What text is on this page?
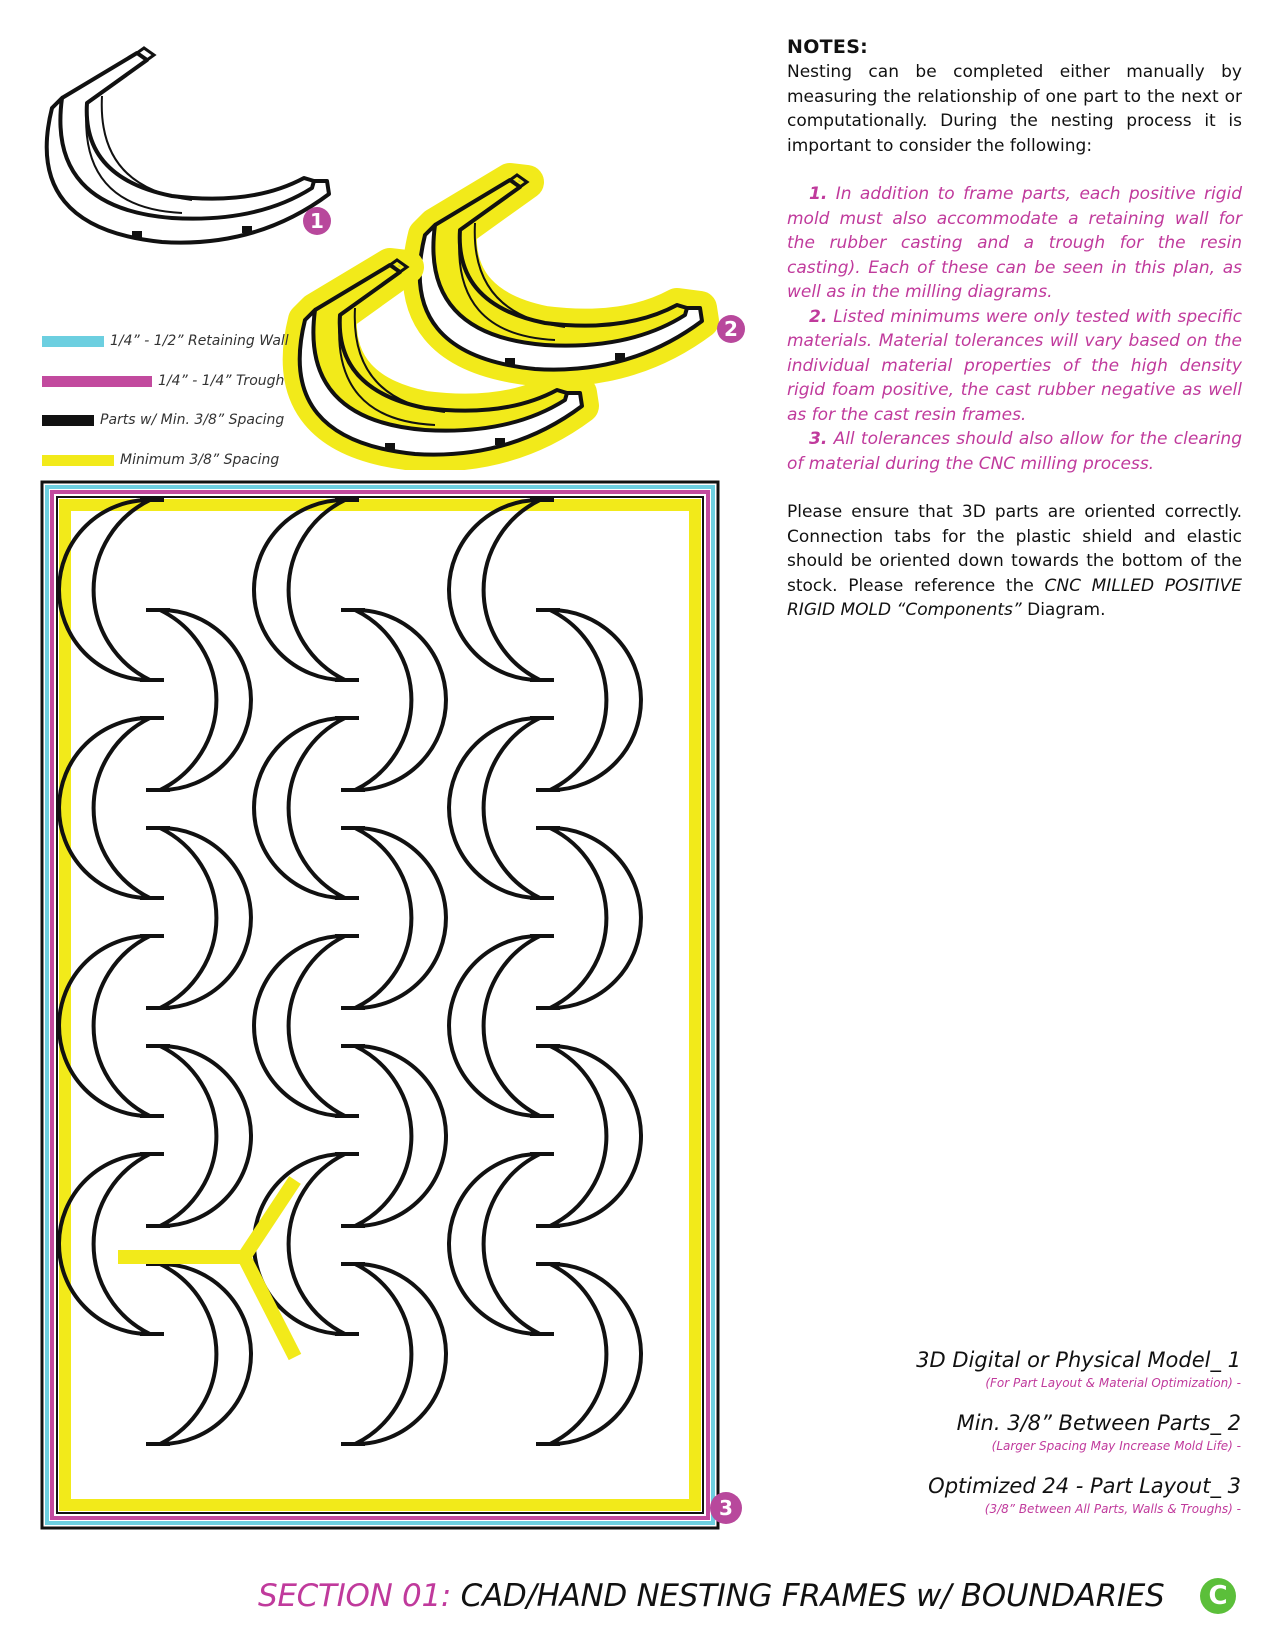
1
2
1/4” - 1/2” Retaining Wall
1/4” - 1/4” Trough
Parts w/ Min. 3/8” Spacing
Minimum 3/8” Spacing
NOTES:

Nesting can be completed either manually by measuring the relationship of one part to the next or computationally. During the nesting process it is important to consider the following:

1. In addition to frame parts, each positive rigid mold must also accommodate a retaining wall for the rubber casting and a trough for the resin casting). Each of these can be seen in this plan, as well as in the milling diagrams.

2. Listed minimums were only tested with specific materials. Material tolerances will vary based on the individual material properties of the high density rigid foam positive, the cast rubber negative as well as for the cast resin frames.

3. All tolerances should also allow for the clearing of material during the CNC milling process.

Please ensure that 3D parts are oriented correctly. Connection tabs for the plastic shield and elastic should be oriented down towards the bottom of the stock. Please reference the CNC MILLED POSITIVE RIGID MOLD “Components” Diagram.

3
3D Digital or Physical Model_ 1
(For Part Layout & Material Optimization) -
Min. 3/8” Between Parts_ 2
(Larger Spacing May Increase Mold Life) -
Optimized 24 - Part Layout_ 3
(3/8” Between All Parts, Walls & Troughs) -
SECTION 01: CAD/HAND NESTING FRAMES w/ BOUNDARIES C
